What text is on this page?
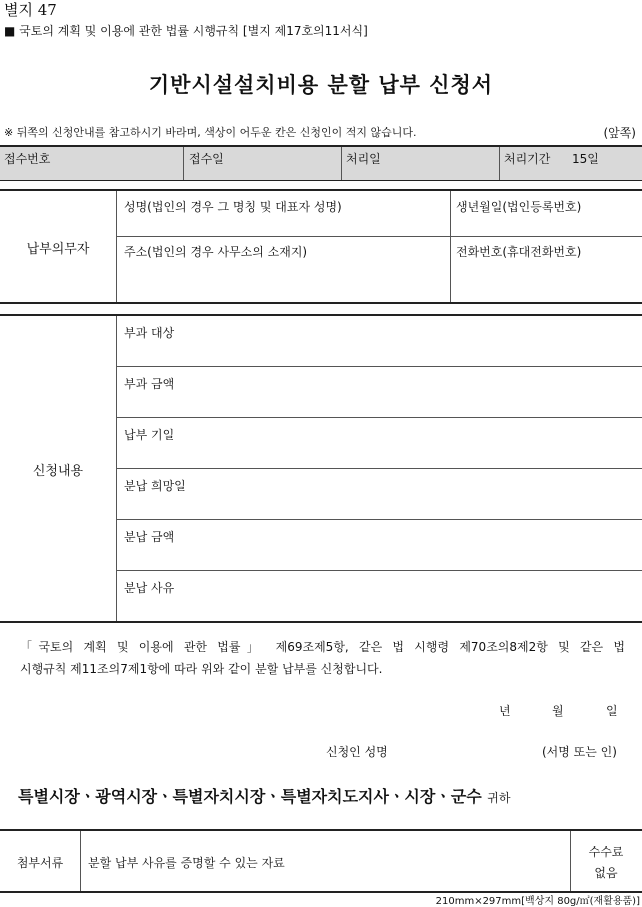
별지 47
■ 국토의 계획 및 이용에 관한 법률 시행규칙 [별지 제17호의11서식]
기반시설설치비용 분할 납부 신청서
※ 뒤쪽의 신청안내를 참고하시기 바라며, 색상이 어두운 칸은 신청인이 적지 않습니다.	(앞쪽)
접수번호	접수일	처리일	처리기간 15일
납부의무자
성명(법인의 경우 그 명칭 및 대표자 성명)	생년월일(법인등록번호)
주소(법인의 경우 사무소의 소재지)	전화번호(휴대전화번호)
신청내용
부과 대상
부과 금액
납부 기일
분납 희망일
분납 금액
분납 사유
「국토의 계획 및 이용에 관한 법률」 제69조제5항, 같은 법 시행령 제70조의8제2항 및 같은 법
시행규칙 제11조의7제1항에 따라 위와 같이 분할 납부를 신청합니다.
년	월	일
신청인 성명	(서명 또는 인)
특별시장ㆍ광역시장ㆍ특별자치시장ㆍ특별자치도지사ㆍ시장ㆍ군수 귀하
첨부서류	분할 납부 사유를 증명할 수 있는 자료
수수료
없음
210mm×297mm[백상지 80g/㎡(재활용품)]
